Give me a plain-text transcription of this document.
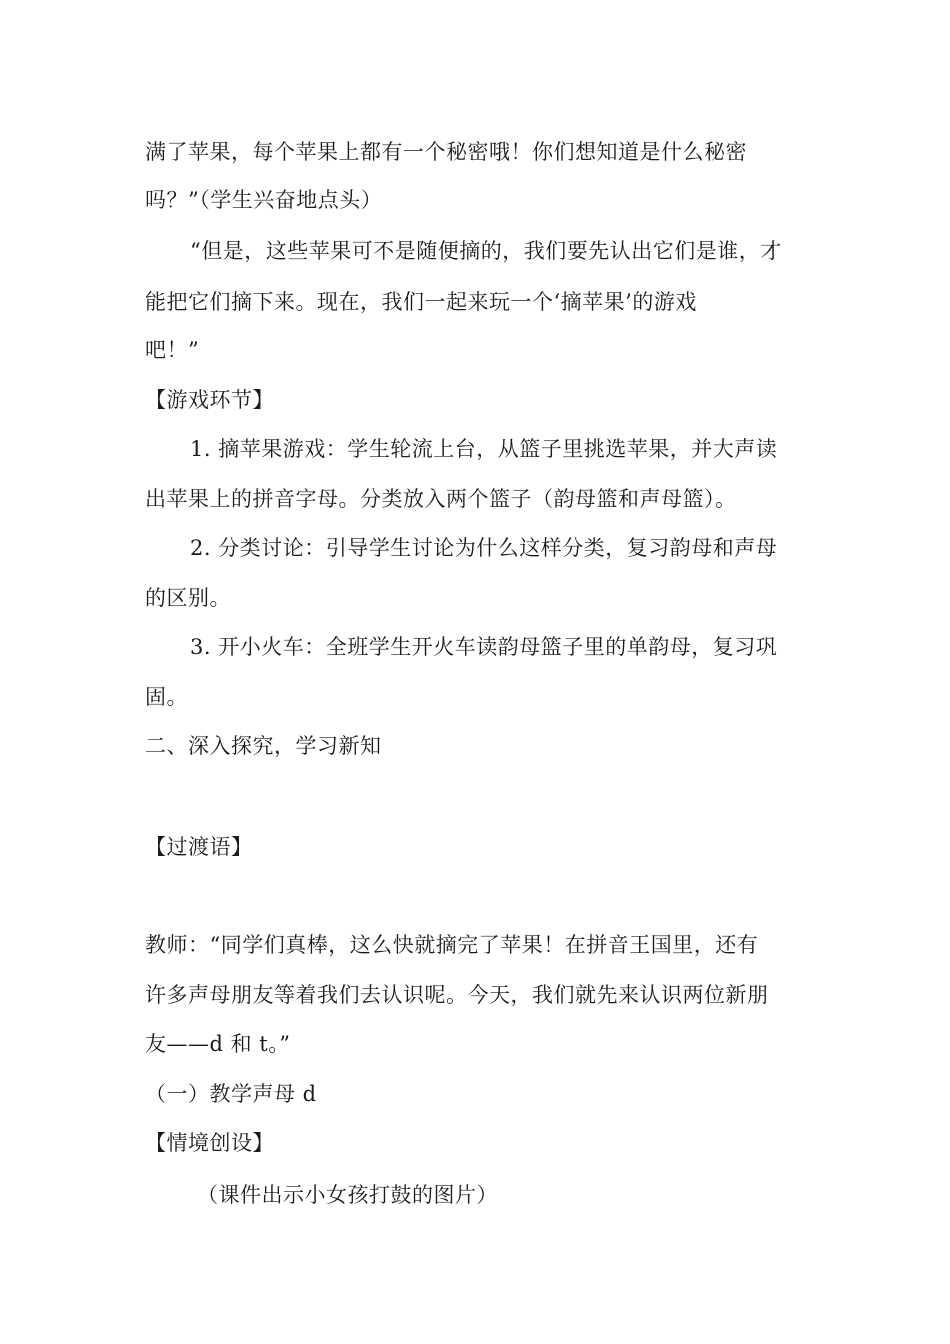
满了苹果，每个苹果上都有一个秘密哦！你们想知道是什么秘密
吗？”（学生兴奋地点头）
“但是，这些苹果可不是随便摘的，我们要先认出它们是谁，才
能把它们摘下来。现在，我们一起来玩一个‘摘苹果’的游戏
吧！”
【游戏环节】
1. 摘苹果游戏：学生轮流上台，从篮子里挑选苹果，并大声读
出苹果上的拼音字母。分类放入两个篮子（韵母篮和声母篮）。
2. 分类讨论：引导学生讨论为什么这样分类，复习韵母和声母
的区别。
3. 开小火车：全班学生开火车读韵母篮子里的单韵母，复习巩
固。
二、深入探究，学习新知
【过渡语】
教师：“同学们真棒，这么快就摘完了苹果！在拼音王国里，还有
许多声母朋友等着我们去认识呢。今天，我们就先来认识两位新朋
友——d 和 t。”
（一）教学声母 d
【情境创设】
（课件出示小女孩打鼓的图片）
